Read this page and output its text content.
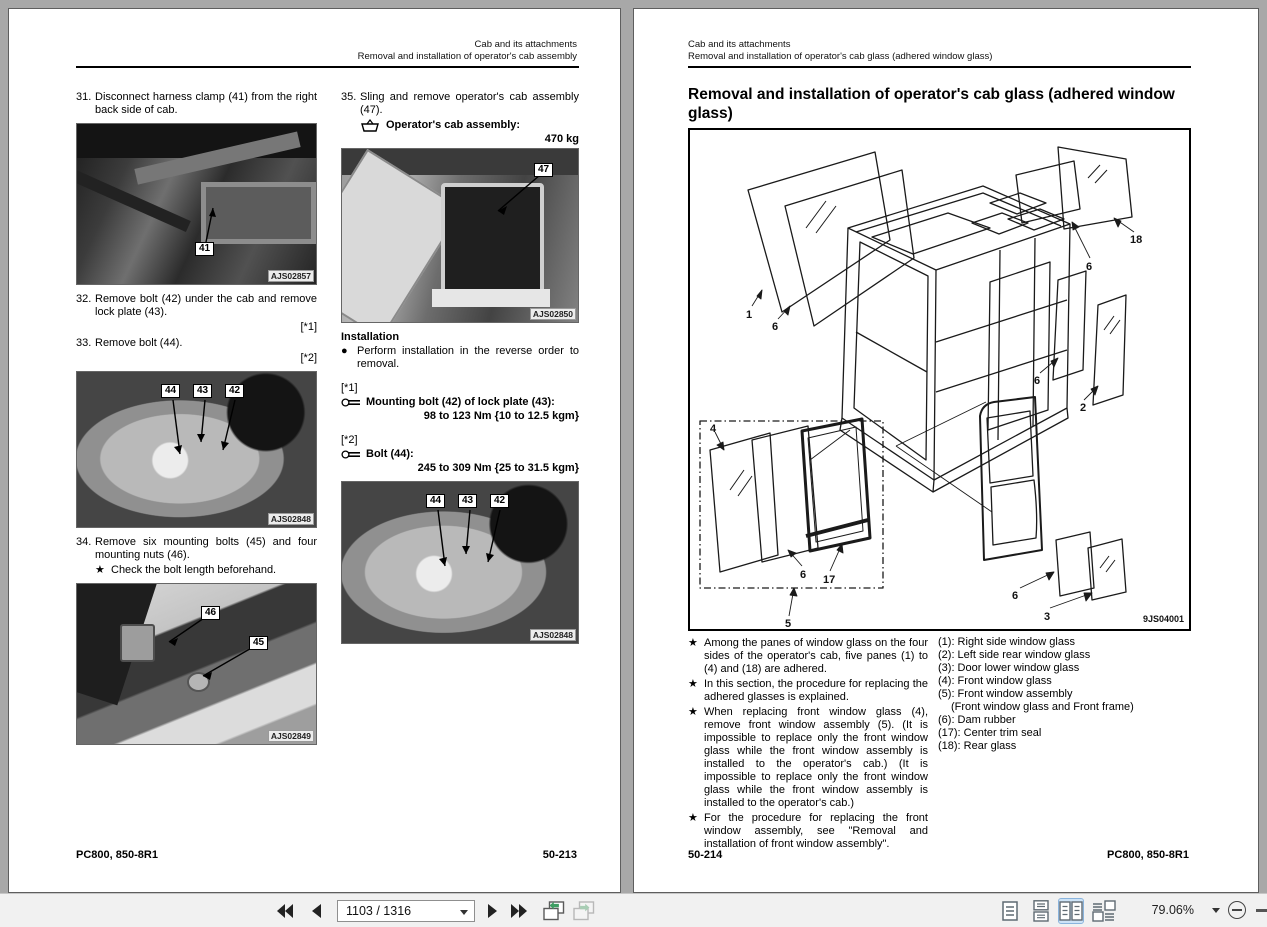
Cab and its attachments
Removal and installation of operator's cab assembly
31. Disconnect harness clamp (41) from the right back side of cab.
41
AJS02857
32. Remove bolt (42) under the cab and remove lock plate (43).
[*1]
33. Remove bolt (44).
[*2]
44	43	42
AJS02848
34. Remove six mounting bolts (45) and four mounting nuts (46).
★ Check the bolt length beforehand.
46
45
AJS02849
35. Sling and remove operator's cab assembly (47).
Operator's cab assembly:
470 kg
47
AJS02850
Installation
● Perform installation in the reverse order to removal.
[*1]
Mounting bolt (42) of lock plate (43):
98 to 123 Nm {10 to 12.5 kgm}
[*2]
Bolt (44):
245 to 309 Nm {25 to 31.5 kgm}
44	43	42
AJS02848
PC800, 850-8R1	50-213
Cab and its attachments
Removal and installation of operator's cab glass (adhered window glass)
Removal and installation of operator's cab glass (adhered window glass)
1
6
18
6
6
2
4
6 17
5
6
3	9JS04001
★ Among the panes of window glass on the four sides of the operator's cab, five panes (1) to (4) and (18) are adhered.
★ In this section, the procedure for replacing the adhered glasses is explained.
★ When replacing front window glass (4), remove front window assembly (5). (It is impossible to replace only the front window glass while the front window assembly is installed to the operator's cab.) (It is impossible to replace only the front window glass while the front window assembly is installed to the operator's cab.)
★ For the procedure for replacing the front window assembly, see "Removal and installation of front window assembly".
(1): Right side window glass
(2): Left side rear window glass
(3): Door lower window glass
(4): Front window glass
(5): Front window assembly
(Front window glass and Front frame)
(6): Dam rubber
(17): Center trim seal
(18): Rear glass
50-214	PC800, 850-8R1
1103 / 1316	79.06%
